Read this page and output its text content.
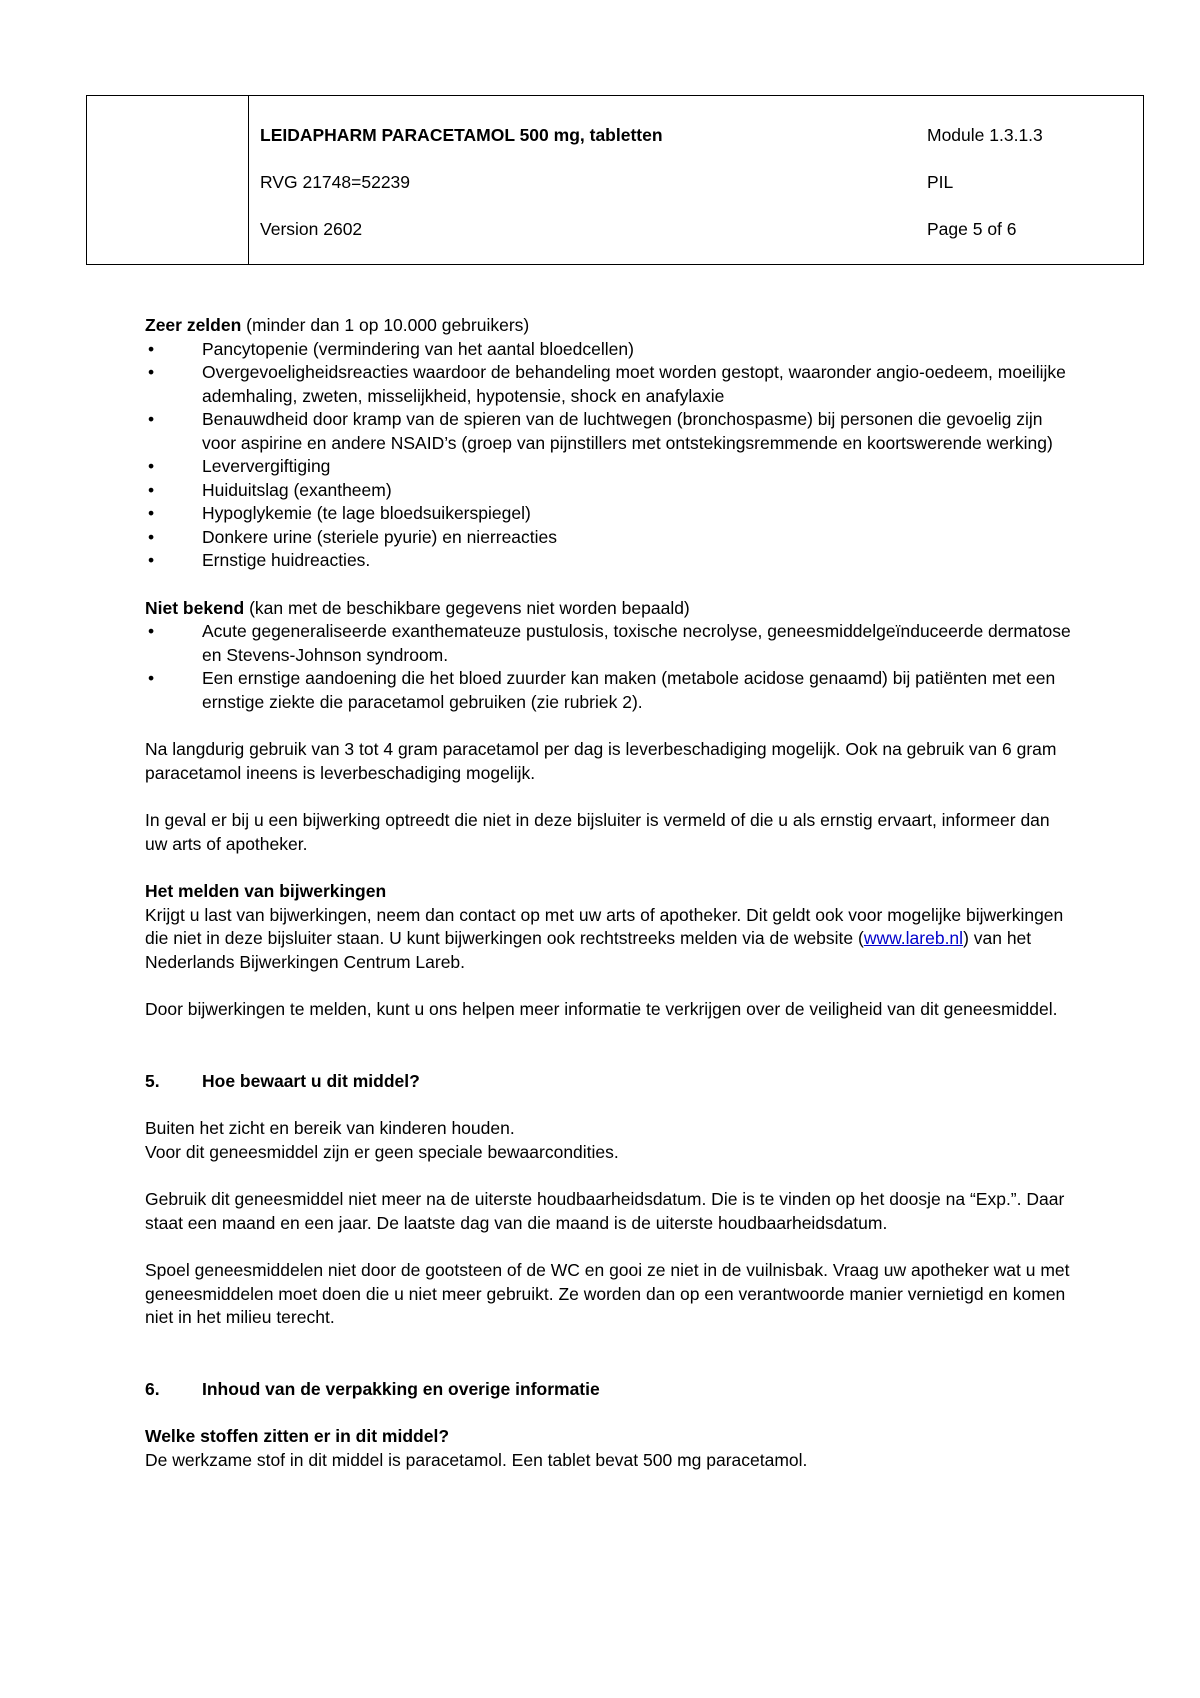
LEIDAPHARM PARACETAMOL 500 mg, tabletten
RVG 21748=52239
Version 2602
Module 1.3.1.3
PIL
Page 5 of 6

Zeer zelden (minder dan 1 op 10.000 gebruikers)

•	Pancytopenie (vermindering van het aantal bloedcellen)
•	Overgevoeligheidsreacties waardoor de behandeling moet worden gestopt, waaronder angio-oedeem, moeilijke ademhaling, zweten, misselijkheid, hypotensie, shock en anafylaxie
•	Benauwdheid door kramp van de spieren van de luchtwegen (bronchospasme) bij personen die gevoelig zijn voor aspirine en andere NSAID’s (groep van pijnstillers met ontstekingsremmende en koortswerende werking)
•	Leververgiftiging
•	Huiduitslag (exantheem)
•	Hypoglykemie (te lage bloedsuikerspiegel)
•	Donkere urine (steriele pyurie) en nierreacties
•	Ernstige huidreacties.

Niet bekend (kan met de beschikbare gegevens niet worden bepaald)

•	Acute gegeneraliseerde exanthemateuze pustulosis, toxische necrolyse, geneesmiddelgeïnduceerde dermatose en Stevens-Johnson syndroom.
•	Een ernstige aandoening die het bloed zuurder kan maken (metabole acidose genaamd) bij patiënten met een ernstige ziekte die paracetamol gebruiken (zie rubriek 2).

Na langdurig gebruik van 3 tot 4 gram paracetamol per dag is leverbeschadiging mogelijk. Ook na gebruik van 6 gram paracetamol ineens is leverbeschadiging mogelijk.

In geval er bij u een bijwerking optreedt die niet in deze bijsluiter is vermeld of die u als ernstig ervaart, informeer dan uw arts of apotheker.

Het melden van bijwerkingen

Krijgt u last van bijwerkingen, neem dan contact op met uw arts of apotheker. Dit geldt ook voor mogelijke bijwerkingen die niet in deze bijsluiter staan. U kunt bijwerkingen ook rechtstreeks melden via de website (www.lareb.nl) van het Nederlands Bijwerkingen Centrum Lareb.

Door bijwerkingen te melden, kunt u ons helpen meer informatie te verkrijgen over de veiligheid van dit geneesmiddel.

5.	Hoe bewaart u dit middel?

Buiten het zicht en bereik van kinderen houden.

Voor dit geneesmiddel zijn er geen speciale bewaarcondities.

Gebruik dit geneesmiddel niet meer na de uiterste houdbaarheidsdatum. Die is te vinden op het doosje na “Exp.”. Daar staat een maand en een jaar. De laatste dag van die maand is de uiterste houdbaarheidsdatum.

Spoel geneesmiddelen niet door de gootsteen of de WC en gooi ze niet in de vuilnisbak. Vraag uw apotheker wat u met geneesmiddelen moet doen die u niet meer gebruikt. Ze worden dan op een verantwoorde manier vernietigd en komen niet in het milieu terecht.

6.	Inhoud van de verpakking en overige informatie

Welke stoffen zitten er in dit middel?

De werkzame stof in dit middel is paracetamol. Een tablet bevat 500 mg paracetamol.
